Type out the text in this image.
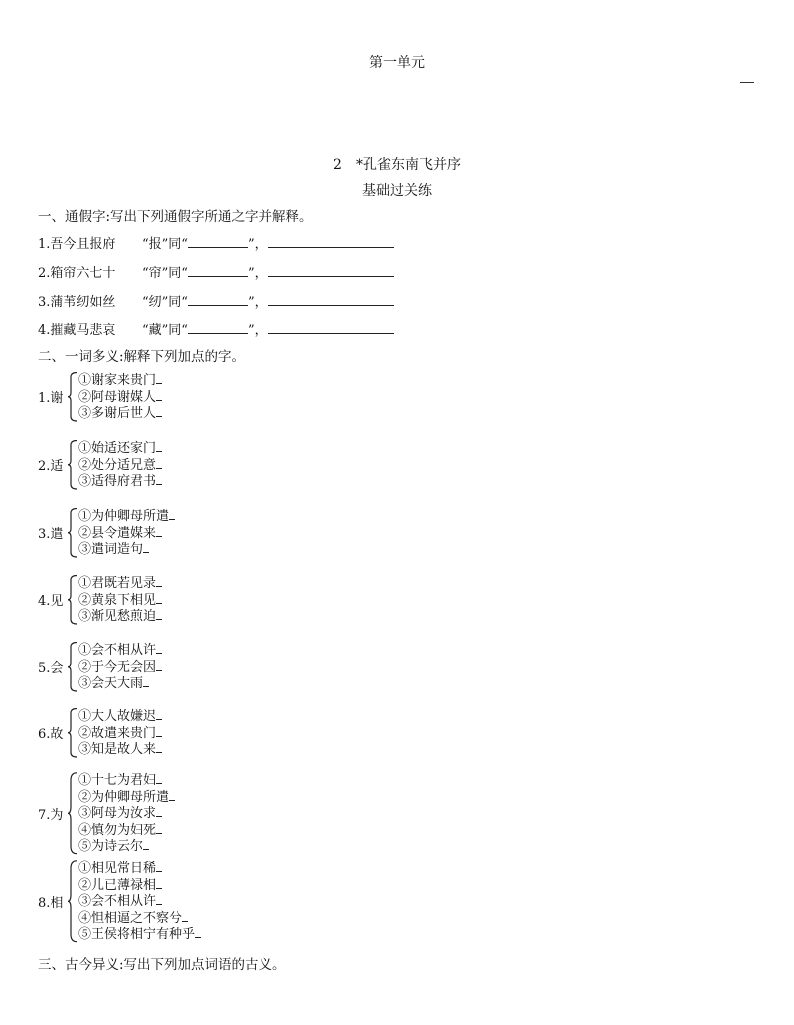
第一单元
2　*孔雀东南飞并序
基础过关练
一、通假字:写出下列通假字所通之字并解释。
1.吾今且报府 “报”同“	”，
2.箱帘六七十 “帘”同“	”，
3.蒲苇纫如丝 “纫”同“	”，
4.摧藏马悲哀 “藏”同“	”，
二、一词多义:解释下列加点的字。
1.谢
①谢家来贵门
②阿母谢媒人
③多谢后世人
2.适
①始适还家门
②处分适兄意
③适得府君书
3.遣
①为仲卿母所遣
②县令遣媒来
③遣词造句
4.见
①君既若见录
②黄泉下相见
③渐见愁煎迫
5.会
①会不相从许
②于今无会因
③会天大雨
6.故
①大人故嫌迟
②故遣来贵门
③知是故人来
7.为
①十七为君妇
②为仲卿母所遣
③阿母为汝求
④慎勿为妇死
⑤为诗云尔
8.相
①相见常日稀
②儿已薄禄相
③会不相从许
④怛相逼之不察兮
⑤王侯将相宁有种乎
三、古今异义:写出下列加点词语的古义。
